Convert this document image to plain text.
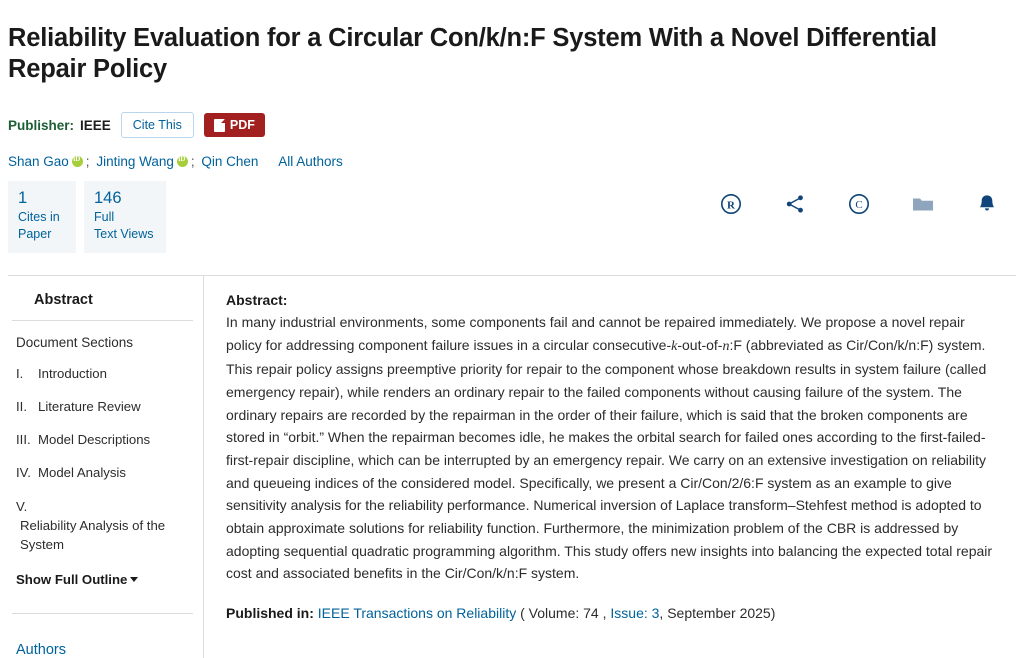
Reliability Evaluation for a Circular Con/k/n:F System With a Novel Differential Repair Policy
Publisher: IEEE	Cite This	PDF
Shan Gao iD ; Jinting Wang iD ; Qin Chen All Authors
1
Cites in
Paper
146
Full
Text Views
R	C
Abstract
Document Sections
I. Introduction
II. Literature Review
III. Model Descriptions
IV. Model Analysis
V.Reliability Analysis of the System
Show Full Outline
Authors
Abstract:
In many industrial environments, some components fail and cannot be repaired immediately. We propose a novel repair policy for addressing component failure issues in a circular consecutive-k-out-of-n:F (abbreviated as Cir/Con/k/n:F) system. This repair policy assigns preemptive priority for repair to the component whose breakdown results in system failure (called emergency repair), while renders an ordinary repair to the failed components without causing failure of the system. The ordinary repairs are recorded by the repairman in the order of their failure, which is said that the broken components are stored in “orbit.” When the repairman becomes idle, he makes the orbital search for failed ones according to the first-failed-first-repair discipline, which can be interrupted by an emergency repair. We carry on an extensive investigation on reliability and queueing indices of the considered model. Specifically, we present a Cir/Con/2/6:F system as an example to give sensitivity analysis for the reliability performance. Numerical inversion of Laplace transform–Stehfest method is adopted to obtain approximate solutions for reliability function. Furthermore, the minimization problem of the CBR is addressed by adopting sequential quadratic programming algorithm. This study offers new insights into balancing the expected total repair cost and associated benefits in the Cir/Con/k/n:F system.
Published in: IEEE Transactions on Reliability ( Volume: 74 , Issue: 3, September 2025)
